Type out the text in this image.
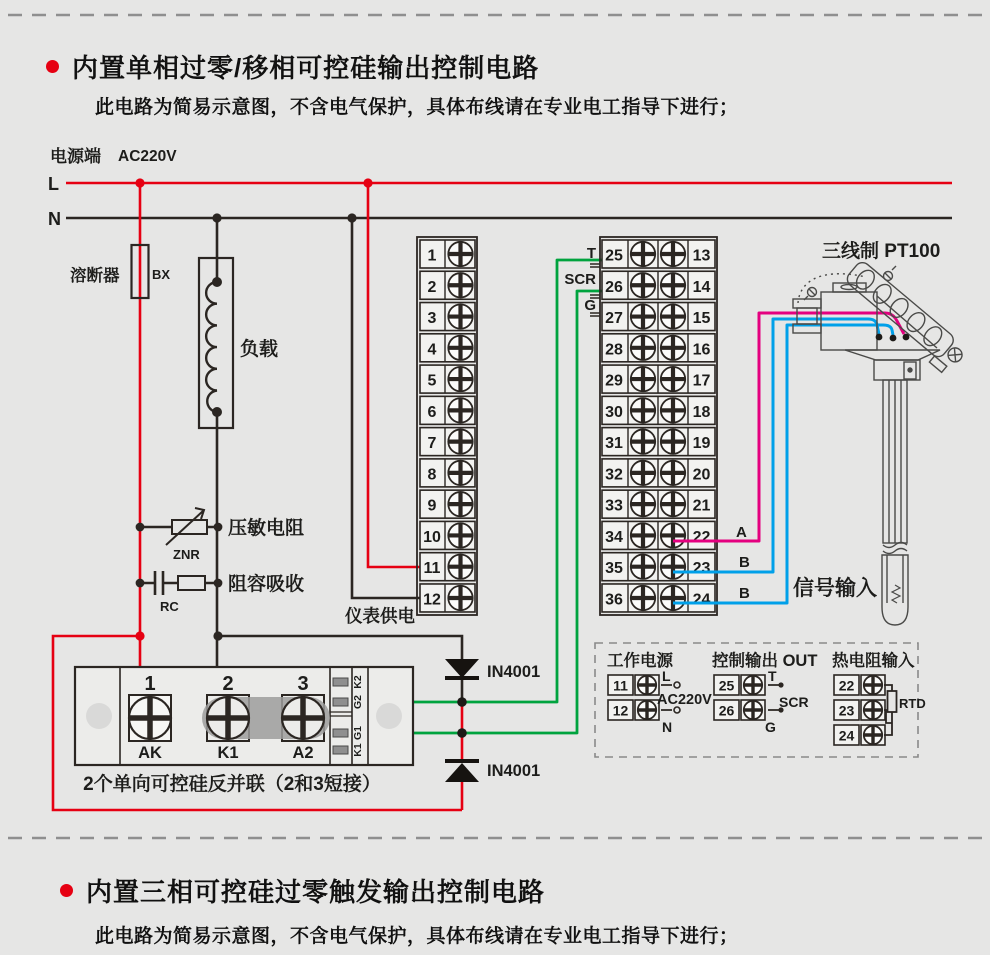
内置单相过零/移相可控硅输出控制电路
此电路为简易示意图，不含电气保护，具体布线请在专业电工指导下进行；
电源端 AC220V
L
N
溶断器	BX
负载
ZNR
压敏电阻
RC
阻容吸收
仪表供电
IN4001
IN4001
1
AK
2
K1
3
A2
K2
G2
G1
K1
2个单向可控硅反并联（2和3短接）
1
2
3
4
5
6
7
8
9
10
11
12
25	13
26	14
27	15
28	16
29	17
30	18
31	19
32	20
33	21
34	22
35	23
36	24
T
SCR
G
A
B
B 信号输入
三线制 PT100
工作电源 控制输出 OUT 热电阻输入
11
12
25
26
22
23
24
L
AC220V
N
T
SCR
G
RTD
内置三相可控硅过零触发输出控制电路
此电路为简易示意图，不含电气保护，具体布线请在专业电工指导下进行；
